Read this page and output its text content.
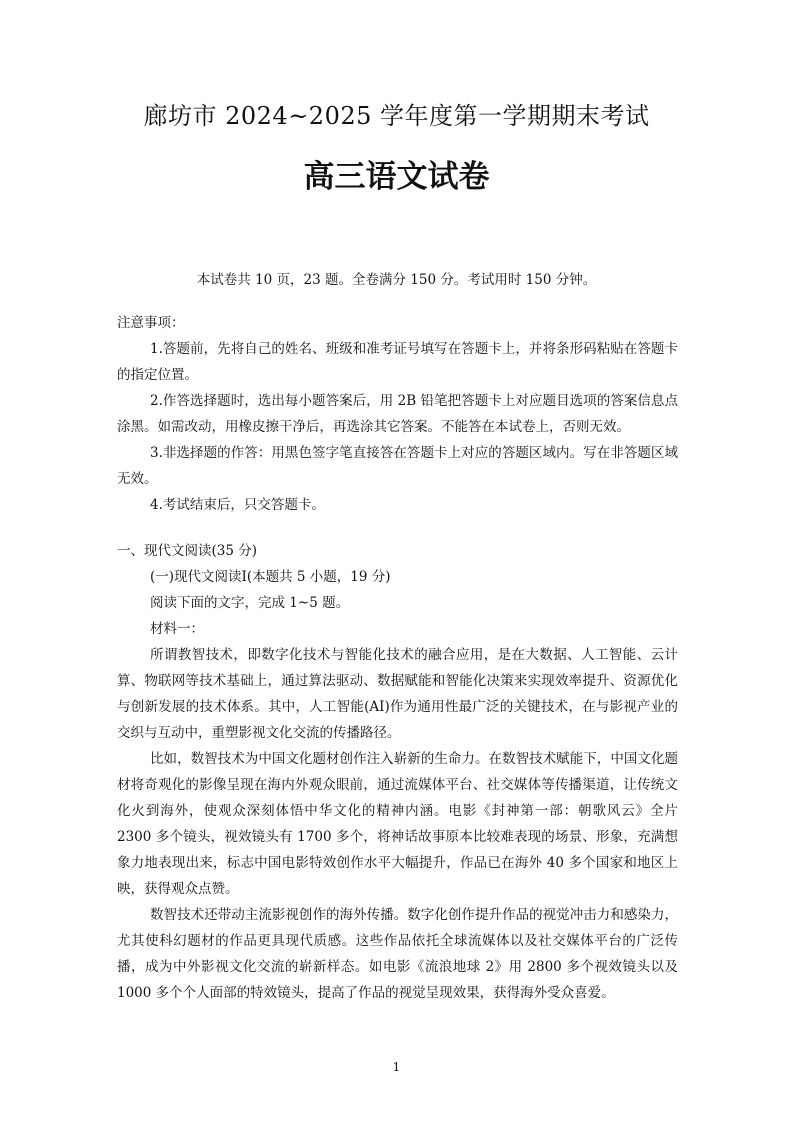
廊坊市 2024~2025 学年度第一学期期末考试
高三语文试卷
本试卷共 10 页，23 题。全卷满分 150 分。考试用时 150 分钟。

注意事项：

1.答题前，先将自己的姓名、班级和准考证号填写在答题卡上，并将条形码粘贴在答题卡的指定位置。

2.作答选择题时，选出每小题答案后，用 2B 铅笔把答题卡上对应题目选项的答案信息点涂黑。如需改动，用橡皮擦干净后，再选涂其它答案。不能答在本试卷上，否则无效。

3.非选择题的作答：用黑色签字笔直接答在答题卡上对应的答题区域内。写在非答题区域无效。

4.考试结束后，只交答题卡。

一、现代文阅读(35 分)

(一)现代文阅读Ⅰ(本题共 5 小题，19 分)

阅读下面的文字，完成 1~5 题。

材料一：

所谓教智技术，即数字化技术与智能化技术的融合应用，是在大数据、人工智能、云计算、物联网等技术基础上，通过算法驱动、数据赋能和智能化决策来实现效率提升、资源优化与创新发展的技术体系。其中，人工智能(AI)作为通用性最广泛的关键技术，在与影视产业的交织与互动中，重塑影视文化交流的传播路径。

比如，数智技术为中国文化题材创作注入崭新的生命力。在数智技术赋能下，中国文化题材将奇观化的影像呈现在海内外观众眼前，通过流媒体平台、社交媒体等传播渠道，让传统文化火到海外，使观众深刻体悟中华文化的精神内涵。电影《封神第一部：朝歌风云》全片 2300 多个镜头，视效镜头有 1700 多个，将神话故事原本比较难表现的场景、形象，充满想象力地表现出来，标志中国电影特效创作水平大幅提升，作品已在海外 40 多个国家和地区上映，获得观众点赞。

数智技术还带动主流影视创作的海外传播。数字化创作提升作品的视觉冲击力和感染力，尤其使科幻题材的作品更具现代质感。这些作品依托全球流媒体以及社交媒体平台的广泛传播，成为中外影视文化交流的崭新样态。如电影《流浪地球 2》用 2800 多个视效镜头以及 1000 多个个人面部的特效镜头，提高了作品的视觉呈现效果，获得海外受众喜爱。

1
